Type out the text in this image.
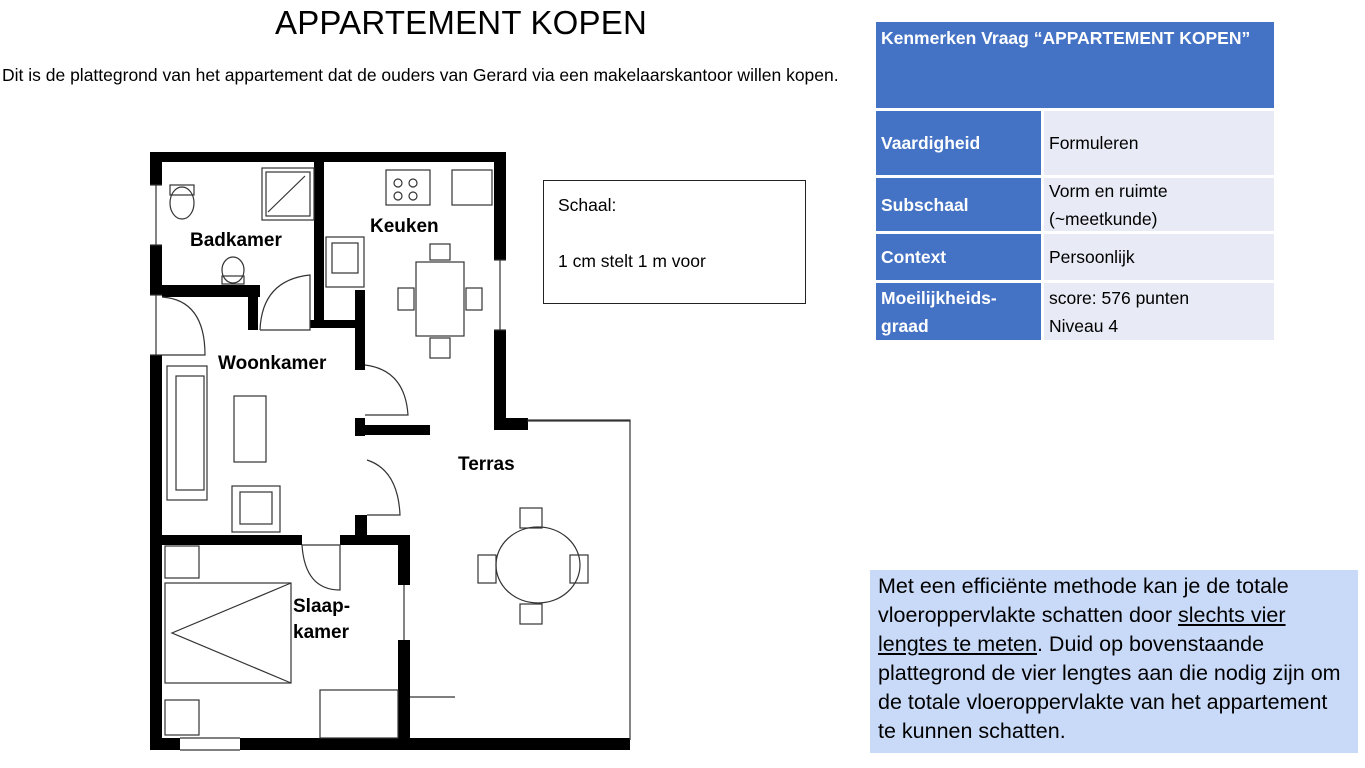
APPARTEMENT KOPEN
Dit is de plattegrond van het appartement dat de ouders van Gerard via een makelaarskantoor willen kopen.
Badkamer
Keuken
Woonkamer
Terras
Slaap-
kamer
Schaal:
1 cm stelt 1 m voor
Kenmerken Vraag “APPARTEMENT KOPEN”
Vaardigheid	Formuleren
Subschaal
Vorm en ruimte
(~meetkunde)
Context	Persoonlijk
Moeilijkheids-
graad
score: 576 punten
Niveau 4
Met een efficiënte methode kan je de totale vloeroppervlakte schatten door slechts vier lengtes te meten. Duid op bovenstaande plattegrond de vier lengtes aan die nodig zijn om de totale vloeroppervlakte van het appartement te kunnen schatten.
